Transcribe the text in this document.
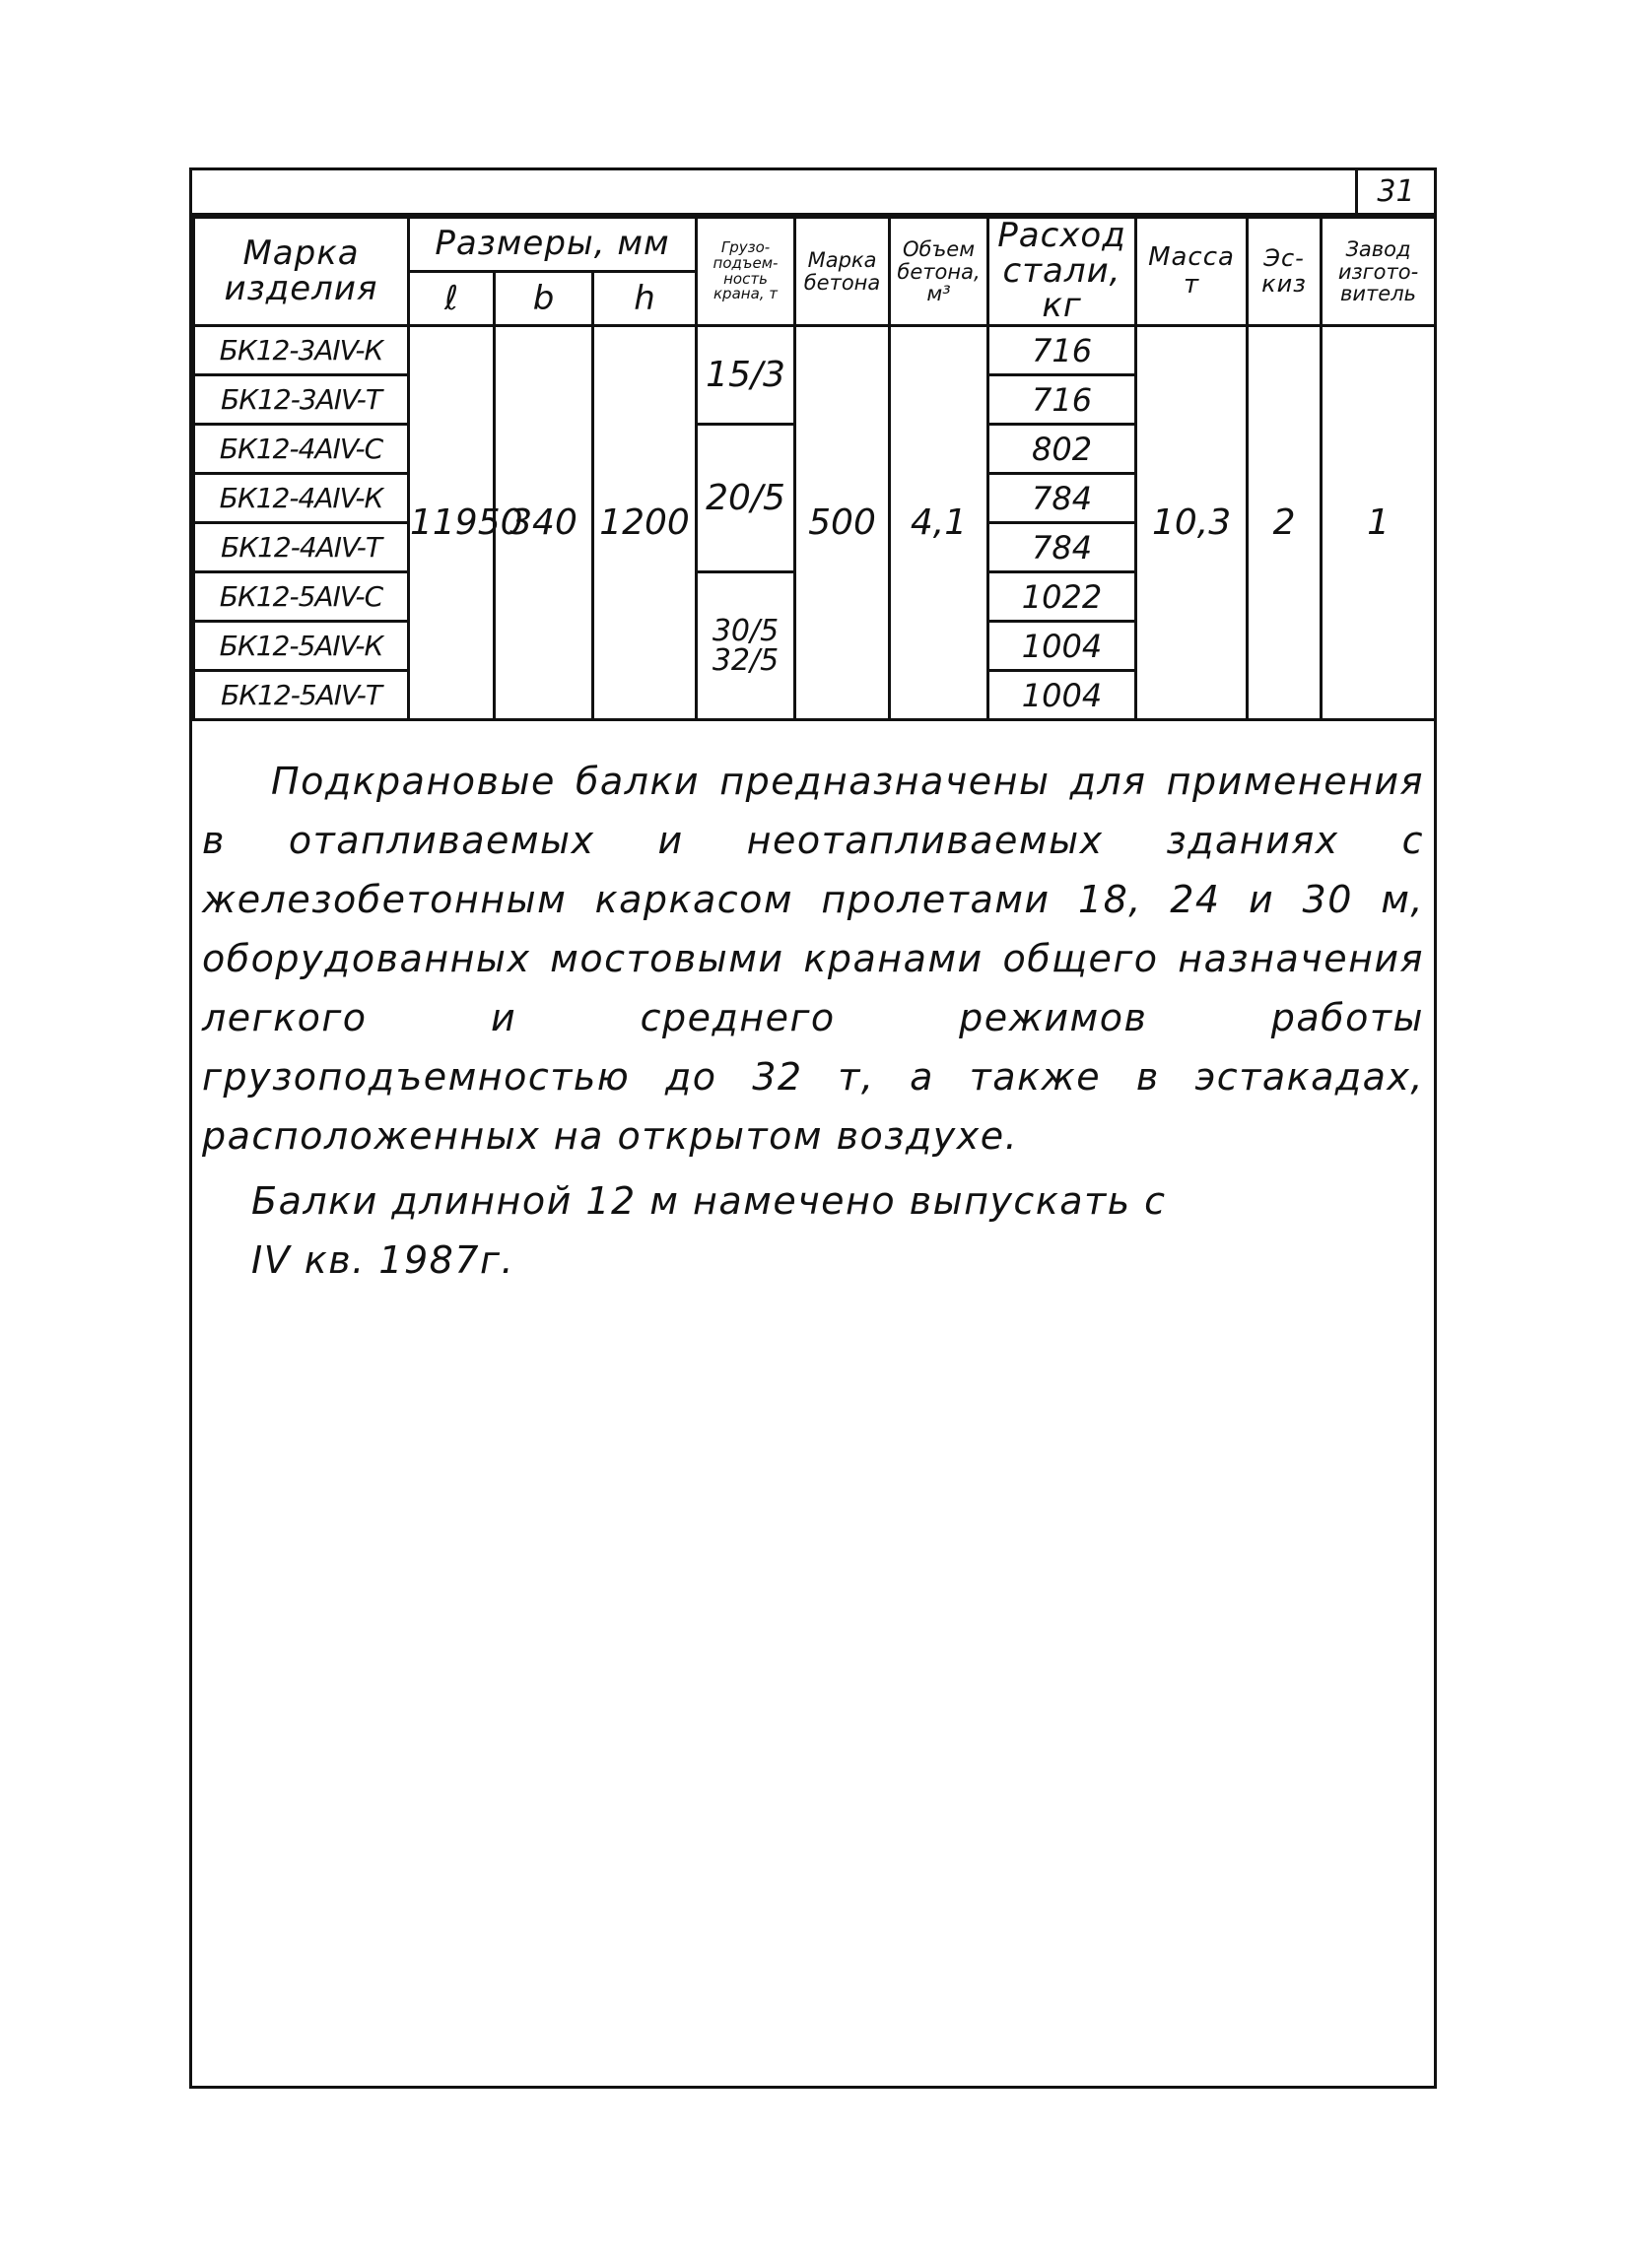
31
Марка изделия	Размеры, мм			Грузо-подъем-ность крана, т	Марка бетона	Объем бетона, м³	Расход стали, кг	Масса т	Эс-киз	Завод изгото-витель
	ℓ	b	h							
БК12-3AIV-К	11950	340	1200	15/3	500	4,1	716	10,3	2	1
БК12-3AIV-Т							716			
БК12-4AIV-С				20/5			802			
БК12-4AIV-К							784			
БК12-4AIV-Т							784			
БК12-5AIV-С				30/5 32/5			1022			
БК12-5AIV-К							1004			
БК12-5AIV-Т							1004			

Подкрановые балки предназначены для применения в отапливаемых и неотапливаемых зданиях с железобетонным каркасом пролетами 18, 24 и 30 м, оборудованных мостовыми кранами общего назначения легкого и среднего режимов работы грузоподъемностью до 32 т, а также в эстакадах, расположенных на открытом воздухе.

Балки длинной 12 м намечено выпускать с

IV кв. 1987г.
